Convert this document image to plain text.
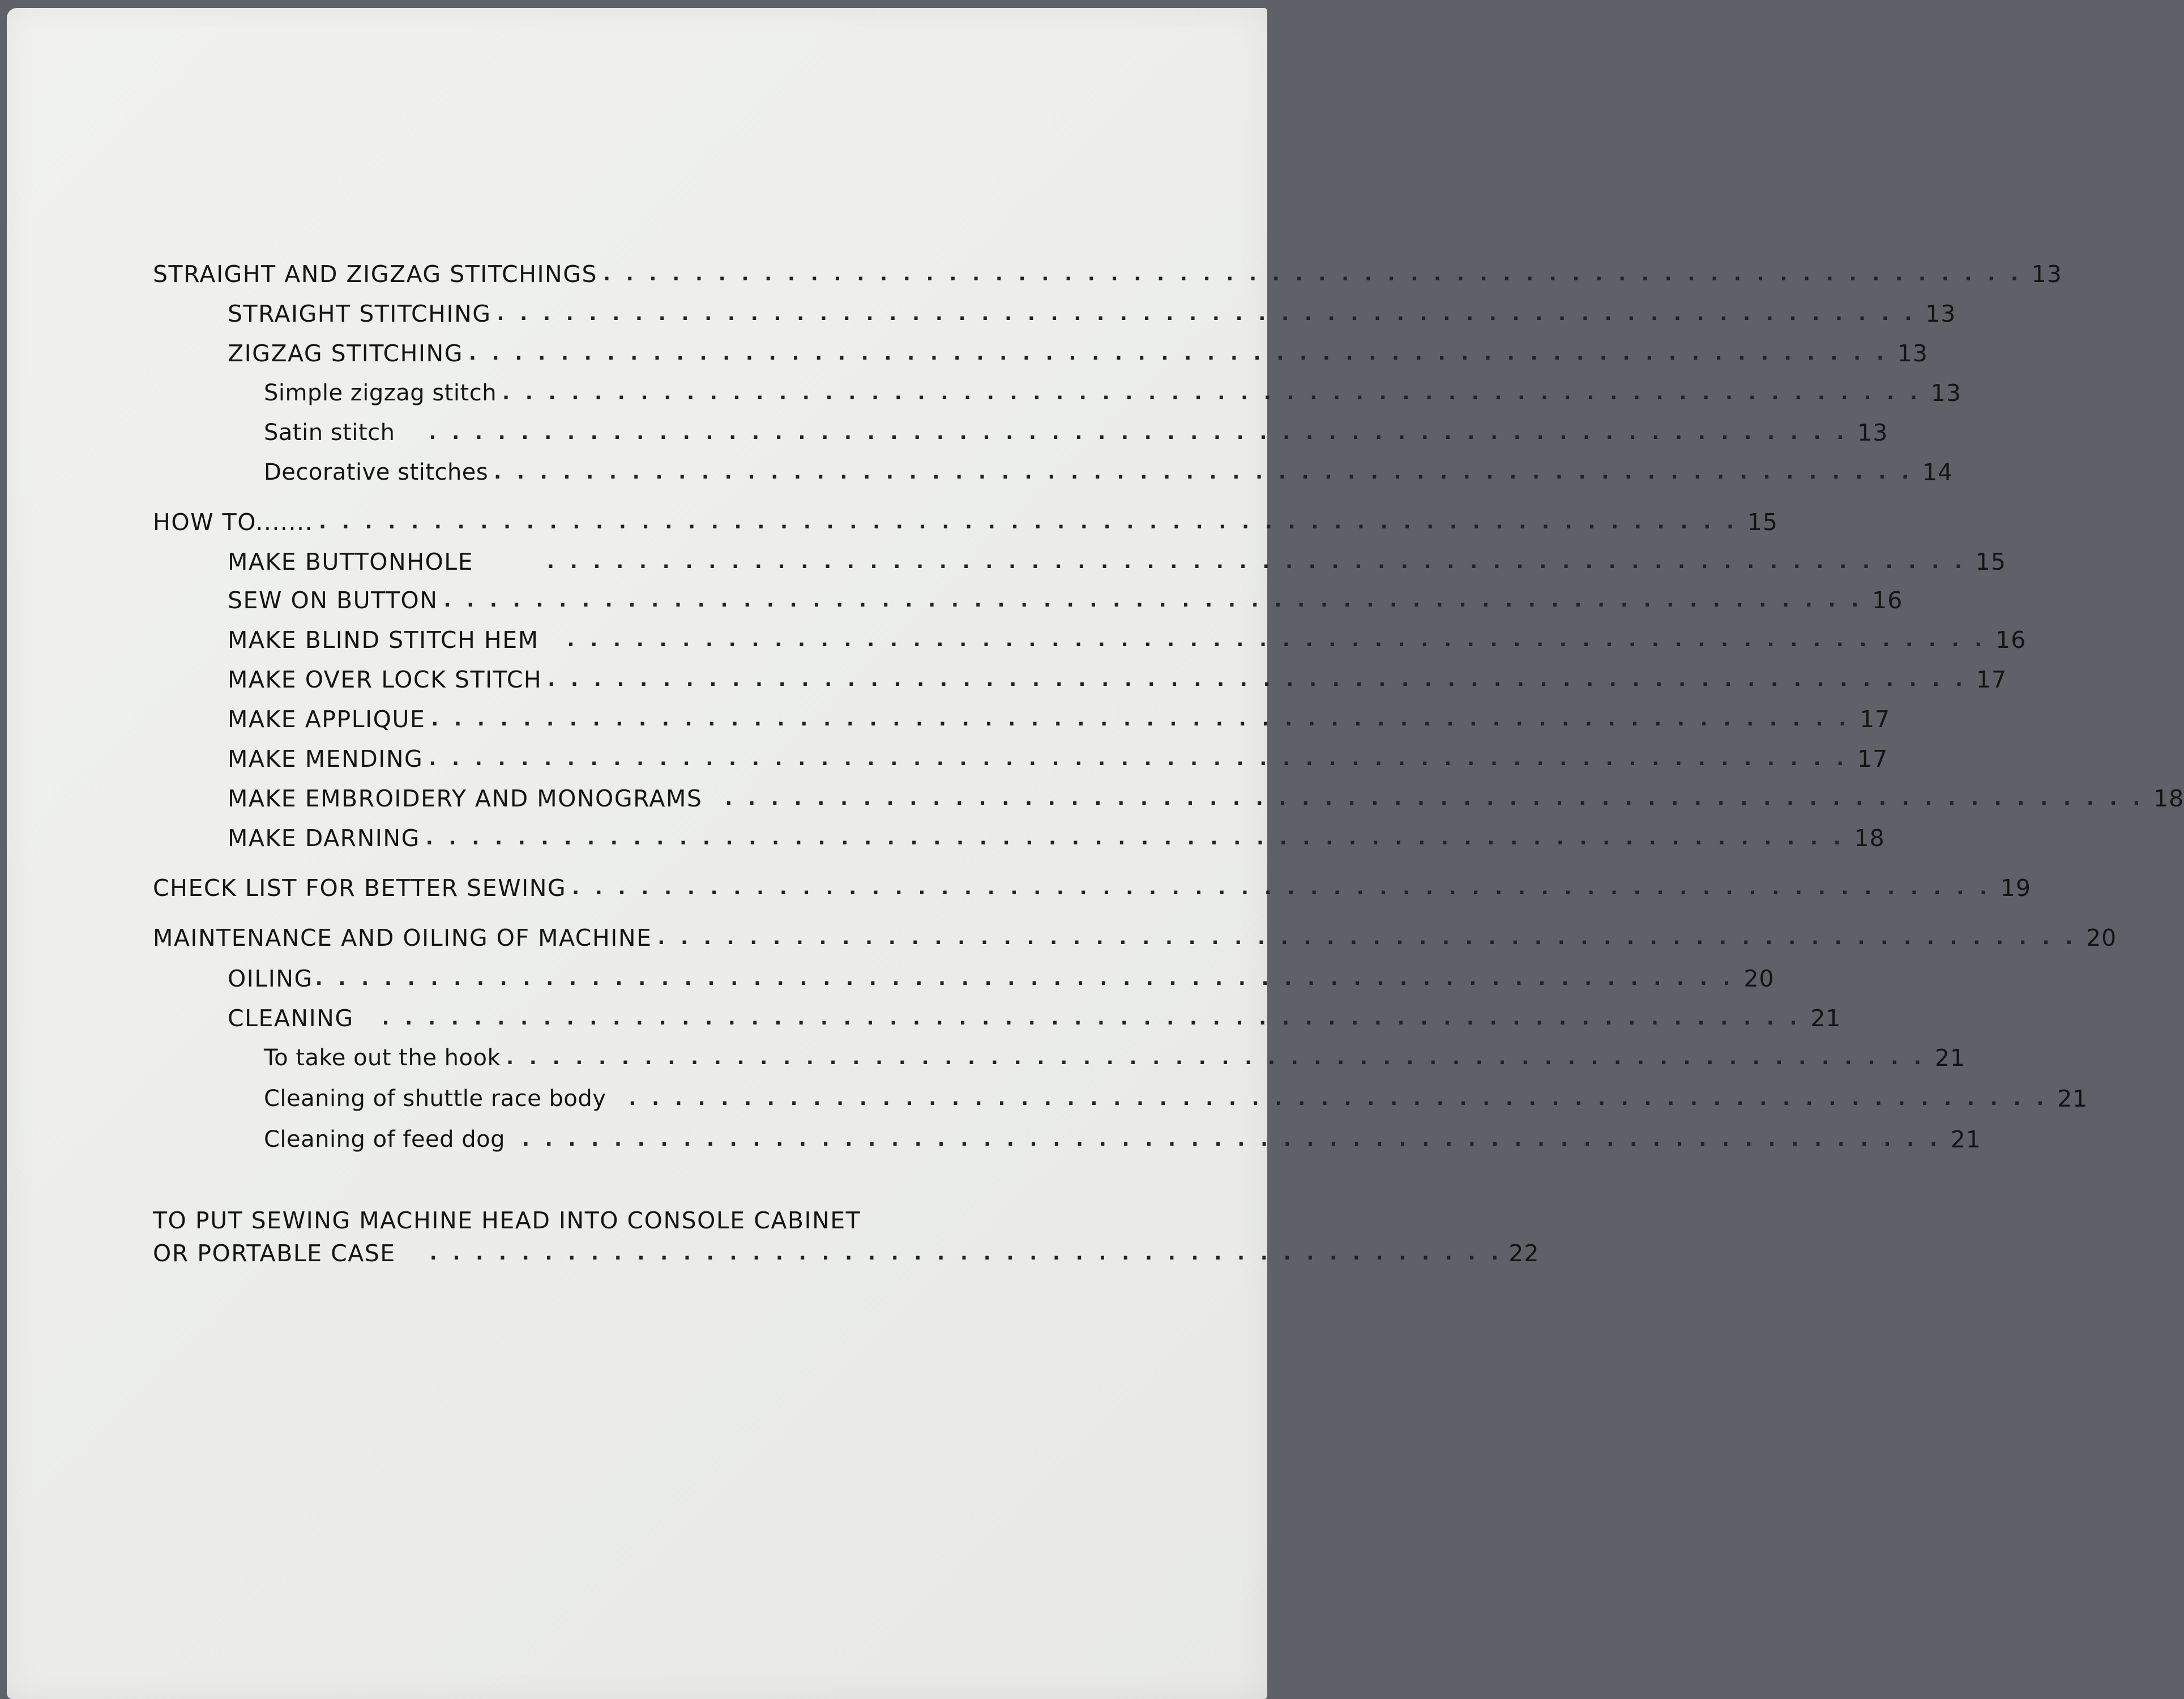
STRAIGHT AND ZIGZAG STITCHINGS . . . . . . . . . . . . . . . . . . . . . . . . . . . . . . . . . . . . . . . . . . . . . . . . . . . . . . . . . . . . . . 13
STRAIGHT STITCHING . . . . . . . . . . . . . . . . . . . . . . . . . . . . . . . . . . . . . . . . . . . . . . . . . . . . . . . . . . . . . . 13
ZIGZAG STITCHING . . . . . . . . . . . . . . . . . . . . . . . . . . . . . . . . . . . . . . . . . . . . . . . . . . . . . . . . . . . . . . 13
Simple zigzag stitch . . . . . . . . . . . . . . . . . . . . . . . . . . . . . . . . . . . . . . . . . . . . . . . . . . . . . . . . . . . . . . 13
Satin stitch . . . . . . . . . . . . . . . . . . . . . . . . . . . . . . . . . . . . . . . . . . . . . . . . . . . . . . . . . . . . . . 13
Decorative stitches . . . . . . . . . . . . . . . . . . . . . . . . . . . . . . . . . . . . . . . . . . . . . . . . . . . . . . . . . . . . . . 14
HOW TO....... . . . . . . . . . . . . . . . . . . . . . . . . . . . . . . . . . . . . . . . . . . . . . . . . . . . . . . . . . . . . . . 15
MAKE BUTTONHOLE	. . . . . . . . . . . . . . . . . . . . . . . . . . . . . . . . . . . . . . . . . . . . . . . . . . . . . . . . . . . . . . 15
SEW ON BUTTON . . . . . . . . . . . . . . . . . . . . . . . . . . . . . . . . . . . . . . . . . . . . . . . . . . . . . . . . . . . . . . 16
MAKE BLIND STITCH HEM . . . . . . . . . . . . . . . . . . . . . . . . . . . . . . . . . . . . . . . . . . . . . . . . . . . . . . . . . . . . . . 16
MAKE OVER LOCK STITCH . . . . . . . . . . . . . . . . . . . . . . . . . . . . . . . . . . . . . . . . . . . . . . . . . . . . . . . . . . . . . . 17
MAKE APPLIQUE . . . . . . . . . . . . . . . . . . . . . . . . . . . . . . . . . . . . . . . . . . . . . . . . . . . . . . . . . . . . . . 17
MAKE MENDING . . . . . . . . . . . . . . . . . . . . . . . . . . . . . . . . . . . . . . . . . . . . . . . . . . . . . . . . . . . . . . 17
MAKE EMBROIDERY AND MONOGRAMS . . . . . . . . . . . . . . . . . . . . . . . . . . . . . . . . . . . . . . . . . . . . . . . . . . . . . . . . . . . . . . 18
MAKE DARNING . . . . . . . . . . . . . . . . . . . . . . . . . . . . . . . . . . . . . . . . . . . . . . . . . . . . . . . . . . . . . . 18
CHECK LIST FOR BETTER SEWING . . . . . . . . . . . . . . . . . . . . . . . . . . . . . . . . . . . . . . . . . . . . . . . . . . . . . . . . . . . . . . 19
MAINTENANCE AND OILING OF MACHINE . . . . . . . . . . . . . . . . . . . . . . . . . . . . . . . . . . . . . . . . . . . . . . . . . . . . . . . . . . . . . . 20
OILING . . . . . . . . . . . . . . . . . . . . . . . . . . . . . . . . . . . . . . . . . . . . . . . . . . . . . . . . . . . . . . 20
CLEANING . . . . . . . . . . . . . . . . . . . . . . . . . . . . . . . . . . . . . . . . . . . . . . . . . . . . . . . . . . . . . . 21
To take out the hook . . . . . . . . . . . . . . . . . . . . . . . . . . . . . . . . . . . . . . . . . . . . . . . . . . . . . . . . . . . . . . 21
Cleaning of shuttle race body . . . . . . . . . . . . . . . . . . . . . . . . . . . . . . . . . . . . . . . . . . . . . . . . . . . . . . . . . . . . . . 21
Cleaning of feed dog . . . . . . . . . . . . . . . . . . . . . . . . . . . . . . . . . . . . . . . . . . . . . . . . . . . . . . . . . . . . . . 21
TO PUT SEWING MACHINE HEAD INTO CONSOLE CABINET
OR PORTABLE CASE . . . . . . . . . . . . . . . . . . . . . . . . . . . . . . . . . . . . . . . . . . . . . . . 22
